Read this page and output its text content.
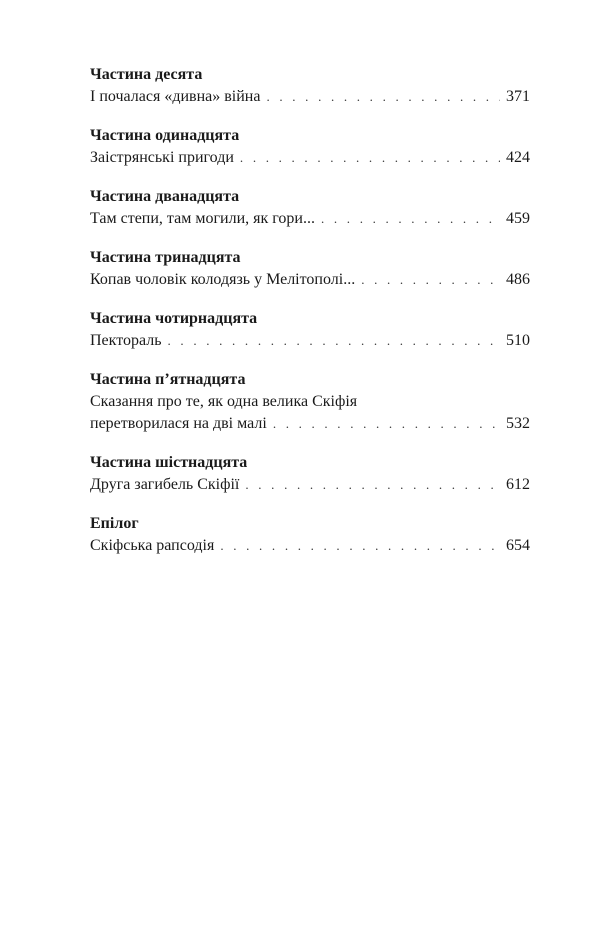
Частина десята
І почалася «дивна» війна . . .	371
Частина одинадцята
Заістрянські пригоди . . .	424
Частина дванадцята
Там степи, там могили, як гори... . . .	459
Частина тринадцята
Копав чоловік колодязь у Мелітополі... . . .	486
Частина чотирнадцята
Пектораль . . .	510
Частина п’ятнадцята
Сказання про те, як одна велика Скіфія
перетворилася на дві малі . . .	532
Частина шістнадцята
Друга загибель Скіфії . . .	612
Епілог
Скіфська рапсодія . . .	654
